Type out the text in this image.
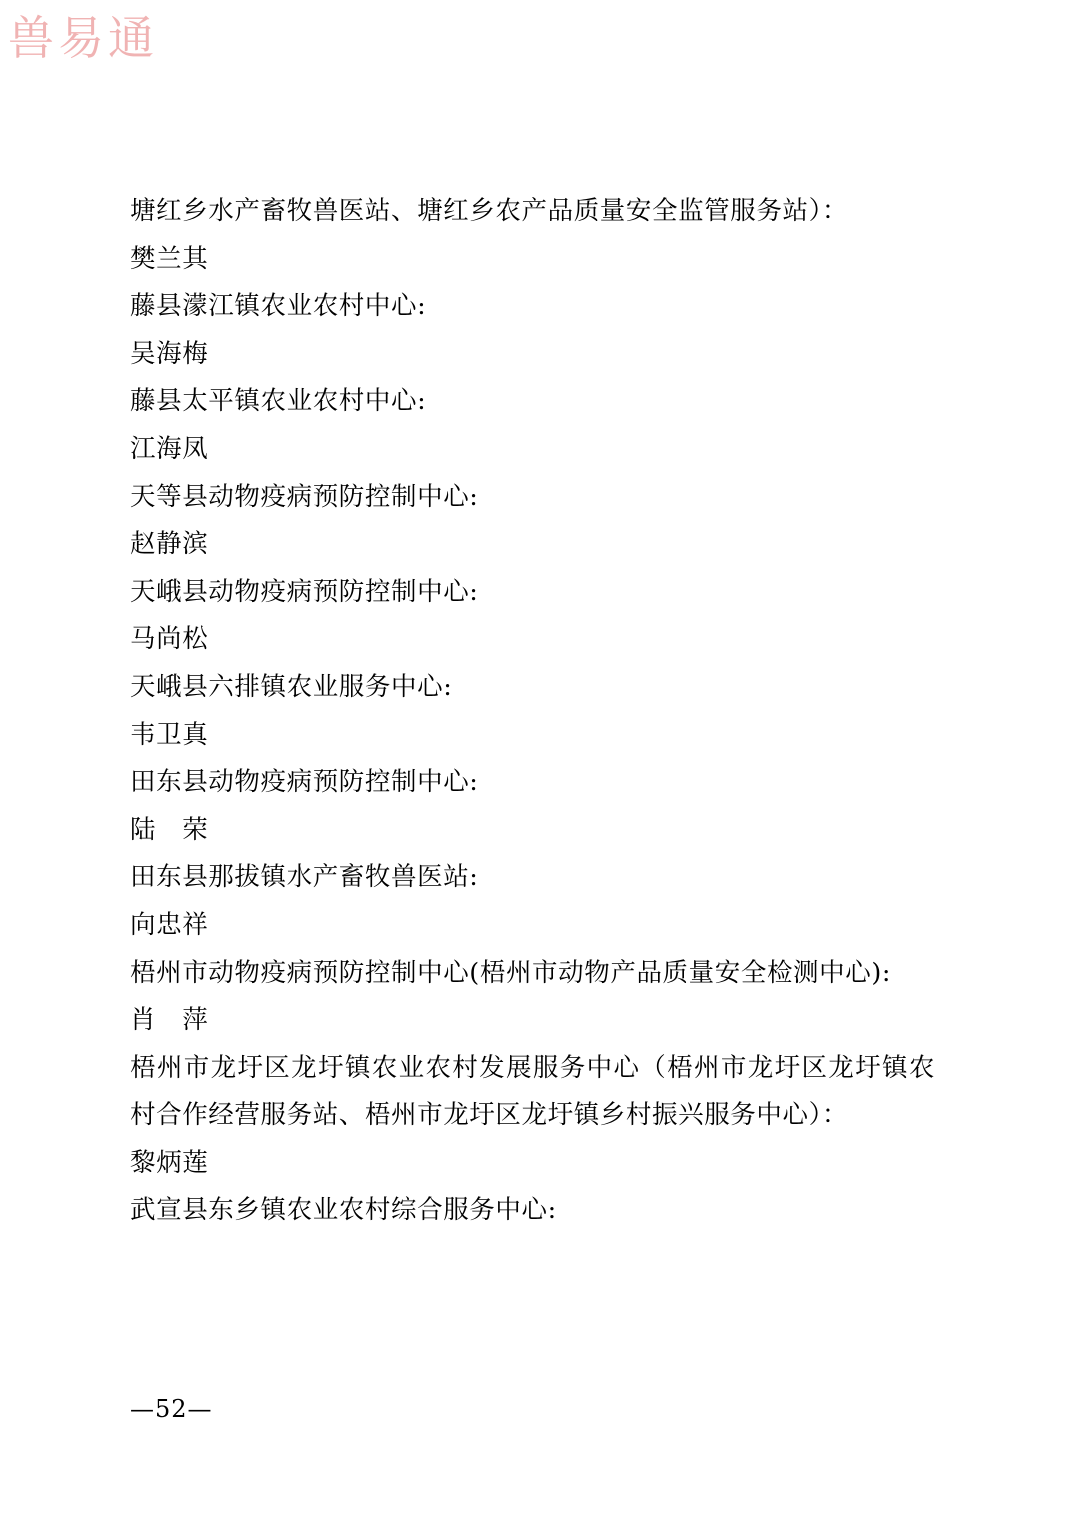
兽易通
塘红乡水产畜牧兽医站、塘红乡农产品质量安全监管服务站）：
樊兰其
藤县濛江镇农业农村中心:
吴海梅
藤县太平镇农业农村中心:
江海凤
天等县动物疫病预防控制中心:
赵静滨
天峨县动物疫病预防控制中心:
马尚松
天峨县六排镇农业服务中心:
韦卫真
田东县动物疫病预防控制中心:
陆　荣
田东县那拔镇水产畜牧兽医站:
向忠祥
梧州市动物疫病预防控制中心(梧州市动物产品质量安全检测中心):
肖　萍
梧州市龙圩区龙圩镇农业农村发展服务中心（梧州市龙圩区龙圩镇农村合作经营服务站、梧州市龙圩区龙圩镇乡村振兴服务中心）：
黎炳莲
武宣县东乡镇农业农村综合服务中心:
—52—
